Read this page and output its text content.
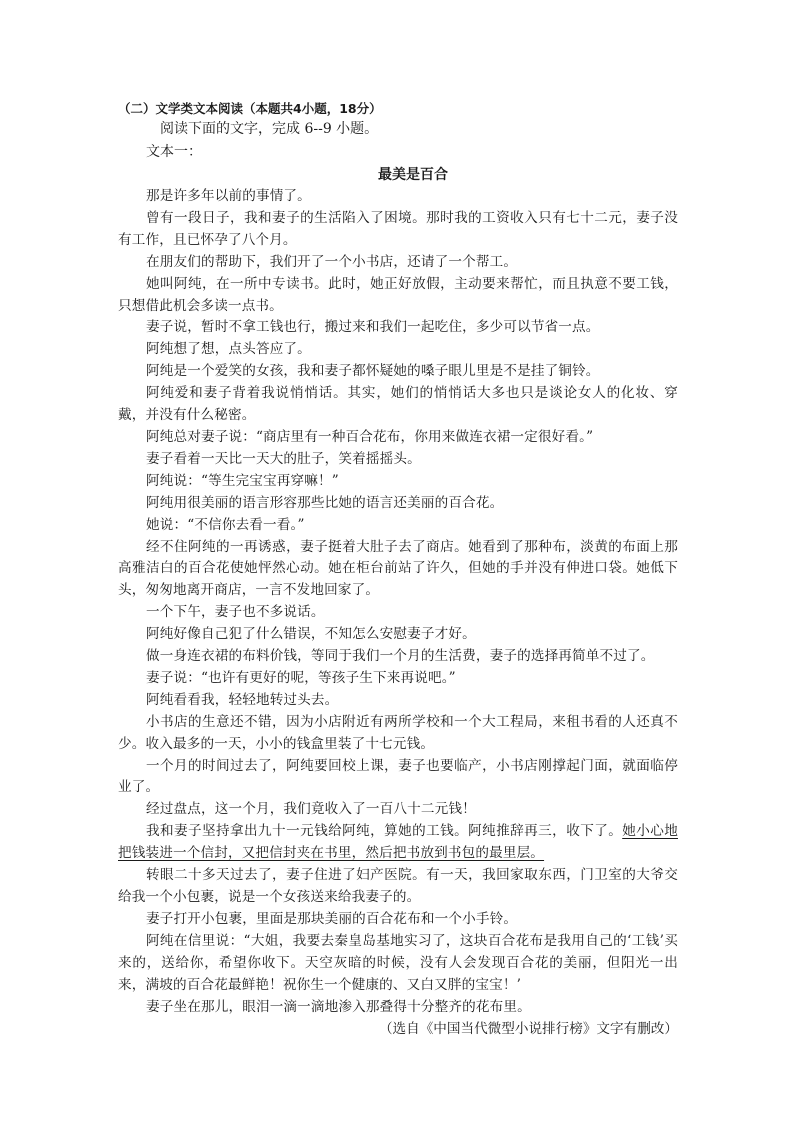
（二）文学类文本阅读（本题共4小题，18分）

阅读下面的文字，完成 6--9 小题。

文本一：

最美是百合

那是许多年以前的事情了。

曾有一段日子，我和妻子的生活陷入了困境。那时我的工资收入只有七十二元，妻子没有工作，且已怀孕了八个月。

在朋友们的帮助下，我们开了一个小书店，还请了一个帮工。

她叫阿纯，在一所中专读书。此时，她正好放假，主动要来帮忙，而且执意不要工钱，只想借此机会多读一点书。

妻子说，暂时不拿工钱也行，搬过来和我们一起吃住，多少可以节省一点。

阿纯想了想，点头答应了。

阿纯是一个爱笑的女孩，我和妻子都怀疑她的嗓子眼儿里是不是挂了铜铃。

阿纯爱和妻子背着我说悄悄话。其实，她们的悄悄话大多也只是谈论女人的化妆、穿戴，并没有什么秘密。

阿纯总对妻子说：“商店里有一种百合花布，你用来做连衣裙一定很好看。”

妻子看着一天比一天大的肚子，笑着摇摇头。

阿纯说：“等生完宝宝再穿嘛！”

阿纯用很美丽的语言形容那些比她的语言还美丽的百合花。

她说：“不信你去看一看。”

经不住阿纯的一再诱惑，妻子挺着大肚子去了商店。她看到了那种布，淡黄的布面上那高雅洁白的百合花使她怦然心动。她在柜台前站了许久，但她的手并没有伸进口袋。她低下头，匆匆地离开商店，一言不发地回家了。

一个下午，妻子也不多说话。

阿纯好像自己犯了什么错误，不知怎么安慰妻子才好。

做一身连衣裙的布料价钱，等同于我们一个月的生活费，妻子的选择再简单不过了。

妻子说：“也许有更好的呢，等孩子生下来再说吧。”

阿纯看看我，轻轻地转过头去。

小书店的生意还不错，因为小店附近有两所学校和一个大工程局，来租书看的人还真不少。收入最多的一天，小小的钱盒里装了十七元钱。

一个月的时间过去了，阿纯要回校上课，妻子也要临产，小书店刚撑起门面，就面临停业了。

经过盘点，这一个月，我们竟收入了一百八十二元钱！

我和妻子坚持拿出九十一元钱给阿纯，算她的工钱。阿纯推辞再三，收下了。她小心地把钱装进一个信封，又把信封夹在书里，然后把书放到书包的最里层。

转眼二十多天过去了，妻子住进了妇产医院。有一天，我回家取东西，门卫室的大爷交给我一个小包裹，说是一个女孩送来给我妻子的。

妻子打开小包裹，里面是那块美丽的百合花布和一个小手铃。

阿纯在信里说：“大姐，我要去秦皇岛基地实习了，这块百合花布是我用自己的‘工钱’买来的，送给你，希望你收下。天空灰暗的时候，没有人会发现百合花的美丽，但阳光一出来，满坡的百合花最鲜艳！祝你生一个健康的、又白又胖的宝宝！’

妻子坐在那儿，眼泪一滴一滴地渗入那叠得十分整齐的花布里。

（选自《中国当代微型小说排行榜》文字有删改）
